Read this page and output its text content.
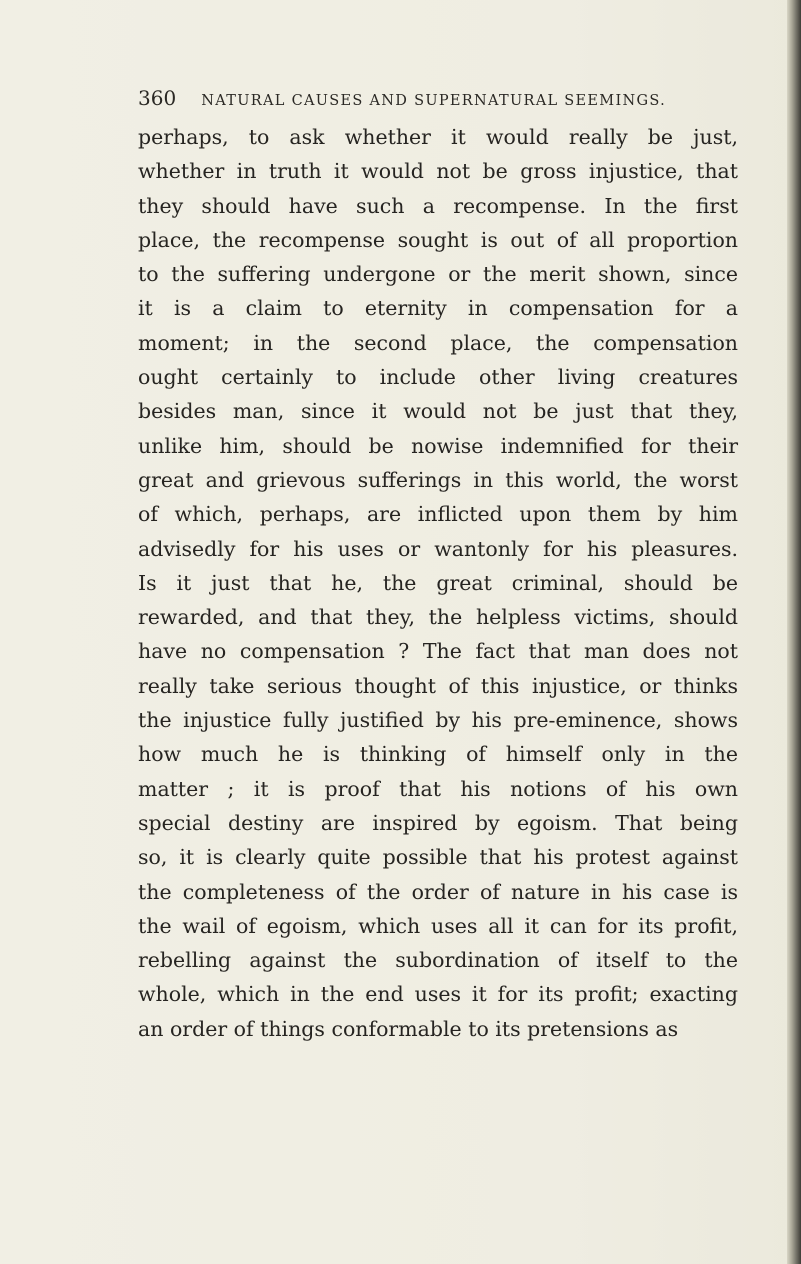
360 NATURAL CAUSES AND SUPERNATURAL SEEMINGS.
perhaps, to ask whether it would really be just,
whether in truth it would not be gross injustice, that
they should have such a recompense. In the first
place, the recompense sought is out of all proportion
to the suffering undergone or the merit shown, since
it is a claim to eternity in compensation for a
moment; in the second place, the compensation
ought certainly to include other living creatures
besides man, since it would not be just that they,
unlike him, should be nowise indemnified for their
great and grievous sufferings in this world, the worst
of which, perhaps, are inflicted upon them by him
advisedly for his uses or wantonly for his pleasures.
Is it just that he, the great criminal, should be
rewarded, and that they, the helpless victims, should
have no compensation ? The fact that man does not
really take serious thought of this injustice, or thinks
the injustice fully justified by his pre-eminence, shows
how much he is thinking of himself only in the
matter ; it is proof that his notions of his own
special destiny are inspired by egoism. That being
so, it is clearly quite possible that his protest against
the completeness of the order of nature in his case is
the wail of egoism, which uses all it can for its profit,
rebelling against the subordination of itself to the
whole, which in the end uses it for its profit; exacting
an order of things conformable to its pretensions as
